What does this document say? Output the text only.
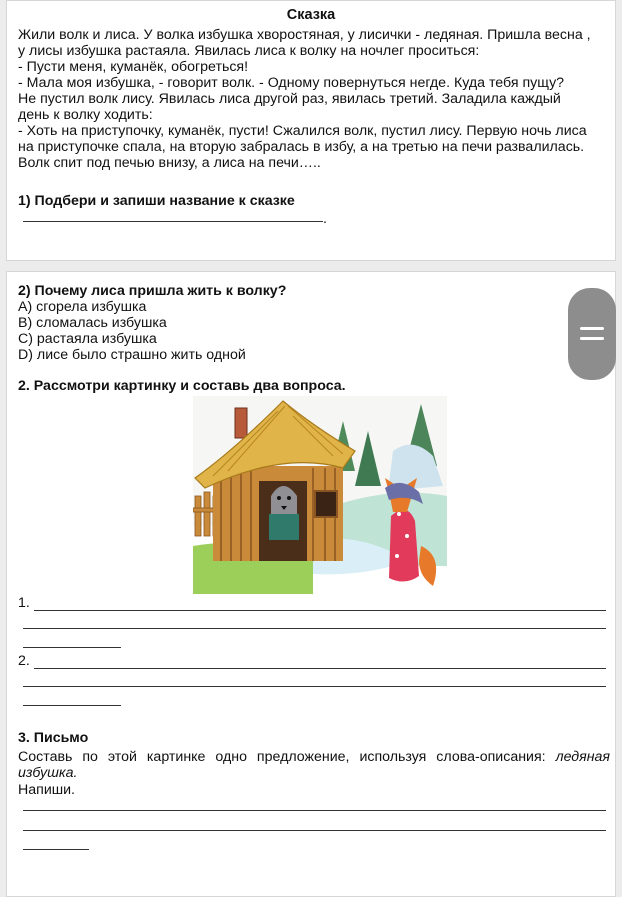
Сказка
Жили волк и лиса. У волка избушка хворостяная, у лисички - ледяная. Пришла весна ,
у лисы избушка растаяла. Явилась лиса к волку на ночлег проситься:
- Пусти меня, куманёк, обогреться!
- Мала моя избушка, - говорит волк. - Одному повернуться негде. Куда тебя пущу?
Не пустил волк лису. Явилась лиса другой раз, явилась третий. Заладила каждый
день к волку ходить:
- Хоть на приступочку, куманёк, пусти! Сжалился волк, пустил лису. Первую ночь лиса
на приступочке спала, на вторую забралась в избу, а на третью на печи развалилась.
Волк спит под печью внизу, а лиса на печи…..
1) Подбери и запиши название к сказке
.
2) Почему лиса пришла жить к волку?
A) сгорела избушка
B) сломалась избушка
C) растаяла избушка
D) лисе было страшно жить одной
2. Рассмотри картинку и составь два вопроса.
1.
2.
3. Письмо
Составь по этой картинке одно предложение, используя слова-описания: ледяная избушка.
Напиши.
